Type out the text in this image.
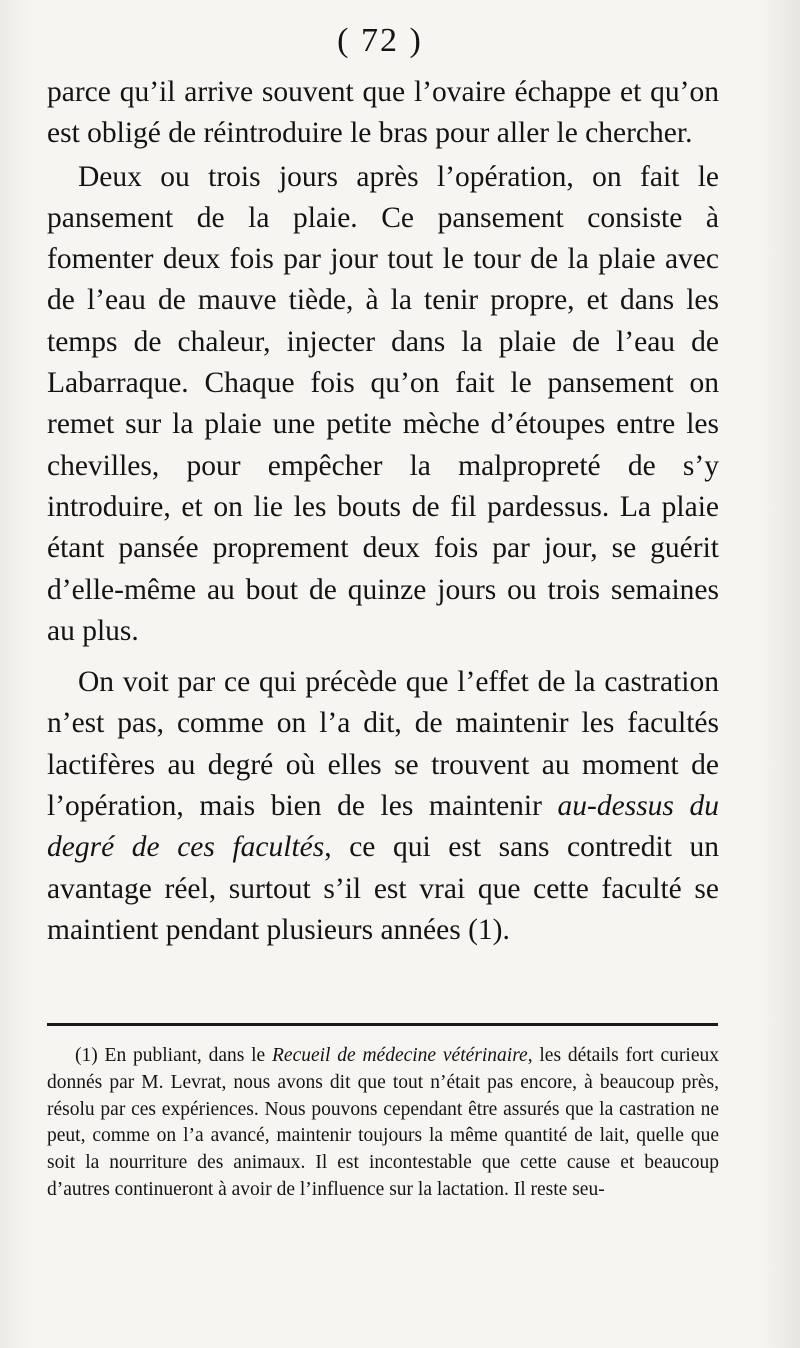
( 72 )

parce qu’il arrive souvent que l’ovaire échappe et qu’on est obligé de réintroduire le bras pour aller le chercher.

Deux ou trois jours après l’opération, on fait le pansement de la plaie. Ce pansement consiste à fomenter deux fois par jour tout le tour de la plaie avec de l’eau de mauve tiède, à la tenir propre, et dans les temps de chaleur, injecter dans la plaie de l’eau de Labarraque. Chaque fois qu’on fait le pansement on remet sur la plaie une petite mèche d’étoupes entre les chevilles, pour empêcher la malpropreté de s’y introduire, et on lie les bouts de fil pardessus. La plaie étant pansée proprement deux fois par jour, se guérit d’elle-même au bout de quinze jours ou trois semaines au plus.

On voit par ce qui précède que l’effet de la castration n’est pas, comme on l’a dit, de maintenir les facultés lactifères au degré où elles se trouvent au moment de l’opération, mais bien de les maintenir au-dessus du degré de ces facultés, ce qui est sans contredit un avantage réel, surtout s’il est vrai que cette faculté se maintient pendant plusieurs années (1).

(1) En publiant, dans le Recueil de médecine vétérinaire, les détails fort curieux donnés par M. Levrat, nous avons dit que tout n’était pas encore, à beaucoup près, résolu par ces expériences. Nous pouvons cependant être assurés que la castration ne peut, comme on l’a avancé, maintenir toujours la même quantité de lait, quelle que soit la nourriture des animaux. Il est incontestable que cette cause et beaucoup d’autres continueront à avoir de l’influence sur la lactation. Il reste seu-
